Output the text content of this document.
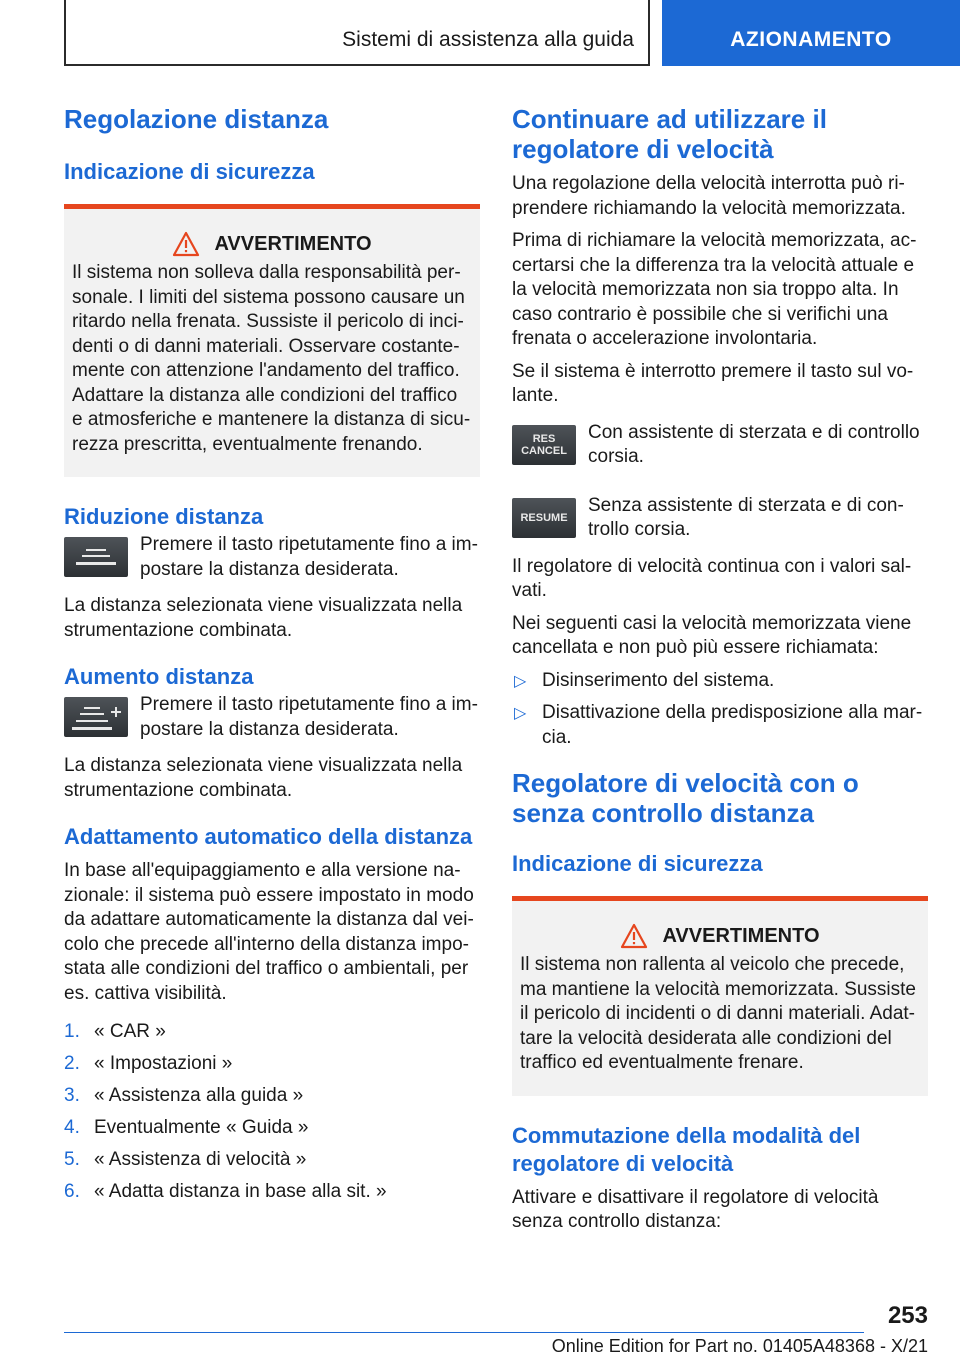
Sistemi di assistenza alla guida	AZIONAMENTO
Regolazione distanza
Indicazione di sicurezza
AVVERTIMENTO

Il sistema non solleva dalla responsabilità per-sonale. I limiti del sistema possono causare un ritardo nella frenata. Sussiste il pericolo di inci-denti o di danni materiali. Osservare costante-mente con attenzione l'andamento del traffico. Adattare la distanza alle condizioni del traffico e atmosferiche e mantenere la distanza di sicu-rezza prescritta, eventualmente frenando.

Riduzione distanza

Premere il tasto ripetutamente fino a im-postare la distanza desiderata.

La distanza selezionata viene visualizzata nella strumentazione combinata.

Aumento distanza

Premere il tasto ripetutamente fino a im-postare la distanza desiderata.

La distanza selezionata viene visualizzata nella strumentazione combinata.

Adattamento automatico della distanza

In base all'equipaggiamento e alla versione na-zionale: il sistema può essere impostato in modo da adattare automaticamente la distanza dal vei-colo che precede all'interno della distanza impo-stata alle condizioni del traffico o ambientali, per es. cattiva visibilità.

1. « CAR »
2. « Impostazioni »
3. « Assistenza alla guida »
4. Eventualmente « Guida »
5. « Assistenza di velocità »
6. « Adatta distanza in base alla sit. »
Continuare ad utilizzare il regolatore di velocità

Una regolazione della velocità interrotta può ri-prendere richiamando la velocità memorizzata.

Prima di richiamare la velocità memorizzata, ac-certarsi che la differenza tra la velocità attuale e la velocità memorizzata non sia troppo alta. In caso contrario è possibile che si verifichi una frenata o accelerazione involontaria.

Se il sistema è interrotto premere il tasto sul vo-lante.

RES
CANCEL

Con assistente di sterzata e di controllo corsia.

RESUME

Senza assistente di sterzata e di con-trollo corsia.

Il regolatore di velocità continua con i valori sal-vati.

Nei seguenti casi la velocità memorizzata viene cancellata e non può più essere richiamata:

▷ Disinserimento del sistema.
▷ Disattivazione della predisposizione alla mar-cia.
Regolatore di velocità con o senza controllo distanza
Indicazione di sicurezza
AVVERTIMENTO

Il sistema non rallenta al veicolo che precede, ma mantiene la velocità memorizzata. Sussiste il pericolo di incidenti o di danni materiali. Adat-tare la velocità desiderata alle condizioni del traffico ed eventualmente frenare.

Commutazione della modalità del regolatore di velocità

Attivare e disattivare il regolatore di velocità senza controllo distanza:

253
Online Edition for Part no. 01405A48368 - X/21
